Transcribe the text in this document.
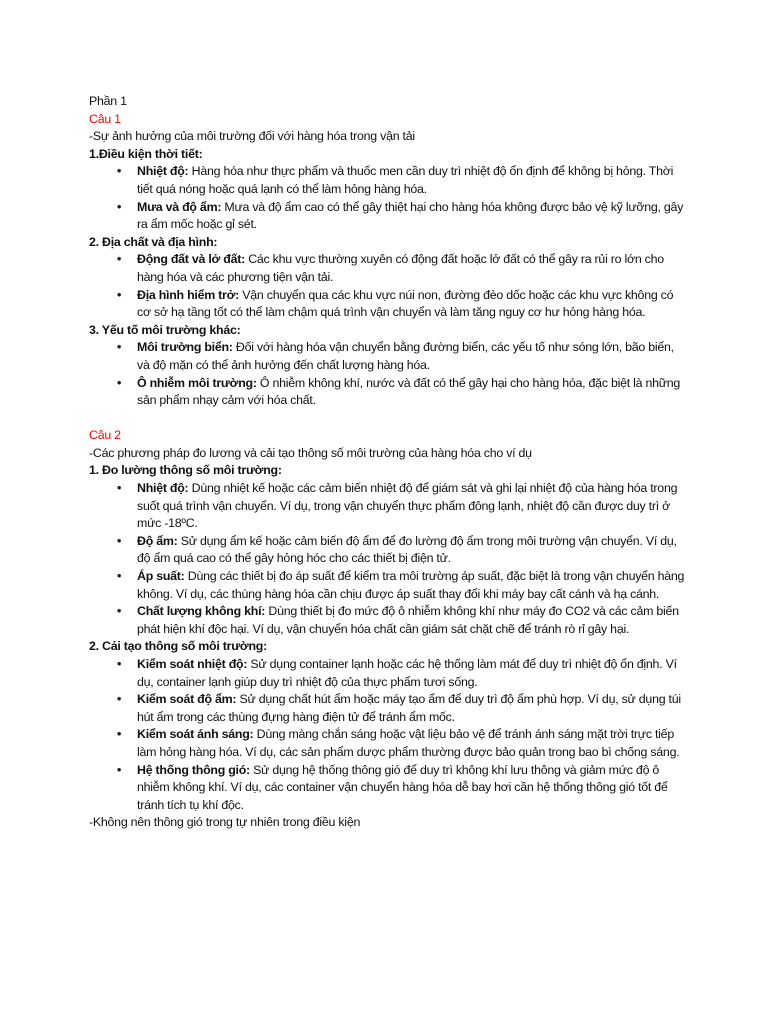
Phần 1

Câu 1

-Sự ảnh hưởng của môi trường đối với hàng hóa trong vận tải

1.Điều kiện thời tiết:

• Nhiệt độ: Hàng hóa như thực phẩm và thuốc men cần duy trì nhiệt độ ổn định để không bị hỏng. Thời tiết quá nóng hoặc quá lạnh có thể làm hỏng hàng hóa.
• Mưa và độ ẩm: Mưa và độ ẩm cao có thể gây thiệt hại cho hàng hóa không được bảo vệ kỹ lưỡng, gây ra ẩm mốc hoặc gỉ sét.

2. Địa chất và địa hình:

• Động đất và lở đất: Các khu vực thường xuyên có động đất hoặc lở đất có thể gây ra rủi ro lớn cho hàng hóa và các phương tiện vận tải.
• Địa hình hiểm trở: Vận chuyển qua các khu vực núi non, đường đèo dốc hoặc các khu vực không có cơ sở hạ tầng tốt có thể làm chậm quá trình vận chuyển và làm tăng nguy cơ hư hỏng hàng hóa.

3. Yếu tố môi trường khác:

• Môi trường biển: Đối với hàng hóa vận chuyển bằng đường biển, các yếu tố như sóng lớn, bão biển, và độ mặn có thể ảnh hưởng đến chất lượng hàng hóa.
• Ô nhiễm môi trường: Ô nhiễm không khí, nước và đất có thể gây hại cho hàng hóa, đặc biệt là những sản phẩm nhạy cảm với hóa chất.

Câu 2

-Các phương pháp đo lương và cải tạo thông số môi trường của hàng hóa cho ví dụ

1. Đo lường thông số môi trường:

• Nhiệt độ: Dùng nhiệt kế hoặc các cảm biến nhiệt độ để giám sát và ghi lại nhiệt độ của hàng hóa trong suốt quá trình vận chuyển. Ví dụ, trong vận chuyển thực phẩm đông lạnh, nhiệt độ cần được duy trì ở mức -18ºC.
• Độ ẩm: Sử dụng ẩm kế hoặc cảm biến độ ẩm để đo lường độ ẩm trong môi trường vận chuyển. Ví dụ, độ ẩm quá cao có thể gây hỏng hóc cho các thiết bị điện tử.
• Áp suất: Dùng các thiết bị đo áp suất để kiểm tra môi trường áp suất, đặc biệt là trong vận chuyển hàng không. Ví dụ, các thùng hàng hóa cần chịu được áp suất thay đổi khi máy bay cất cánh và hạ cánh.
• Chất lượng không khí: Dùng thiết bị đo mức độ ô nhiễm không khí như máy đo CO2 và các cảm biến phát hiện khí độc hại. Ví dụ, vận chuyển hóa chất cần giám sát chặt chẽ để tránh rò rỉ gây hại.

2. Cải tạo thông số môi trường:

• Kiểm soát nhiệt độ: Sử dụng container lạnh hoặc các hệ thống làm mát để duy trì nhiệt độ ổn định. Ví dụ, container lạnh giúp duy trì nhiệt độ của thực phẩm tươi sống.
• Kiểm soát độ ẩm: Sử dụng chất hút ẩm hoặc máy tạo ẩm để duy trì độ ẩm phù hợp. Ví dụ, sử dụng túi hút ẩm trong các thùng đựng hàng điện tử để tránh ẩm mốc.
• Kiểm soát ánh sáng: Dùng màng chắn sáng hoặc vật liệu bảo vệ để tránh ánh sáng mặt trời trực tiếp làm hỏng hàng hóa. Ví dụ, các sản phẩm dược phẩm thường được bảo quản trong bao bì chống sáng.
• Hệ thống thông gió: Sử dụng hệ thống thông gió để duy trì không khí lưu thông và giảm mức độ ô nhiễm không khí. Ví dụ, các container vận chuyển hàng hóa dễ bay hơi cần hệ thống thông gió tốt để tránh tích tụ khí độc.

-Không nên thông gió trong tự nhiên trong điều kiện
